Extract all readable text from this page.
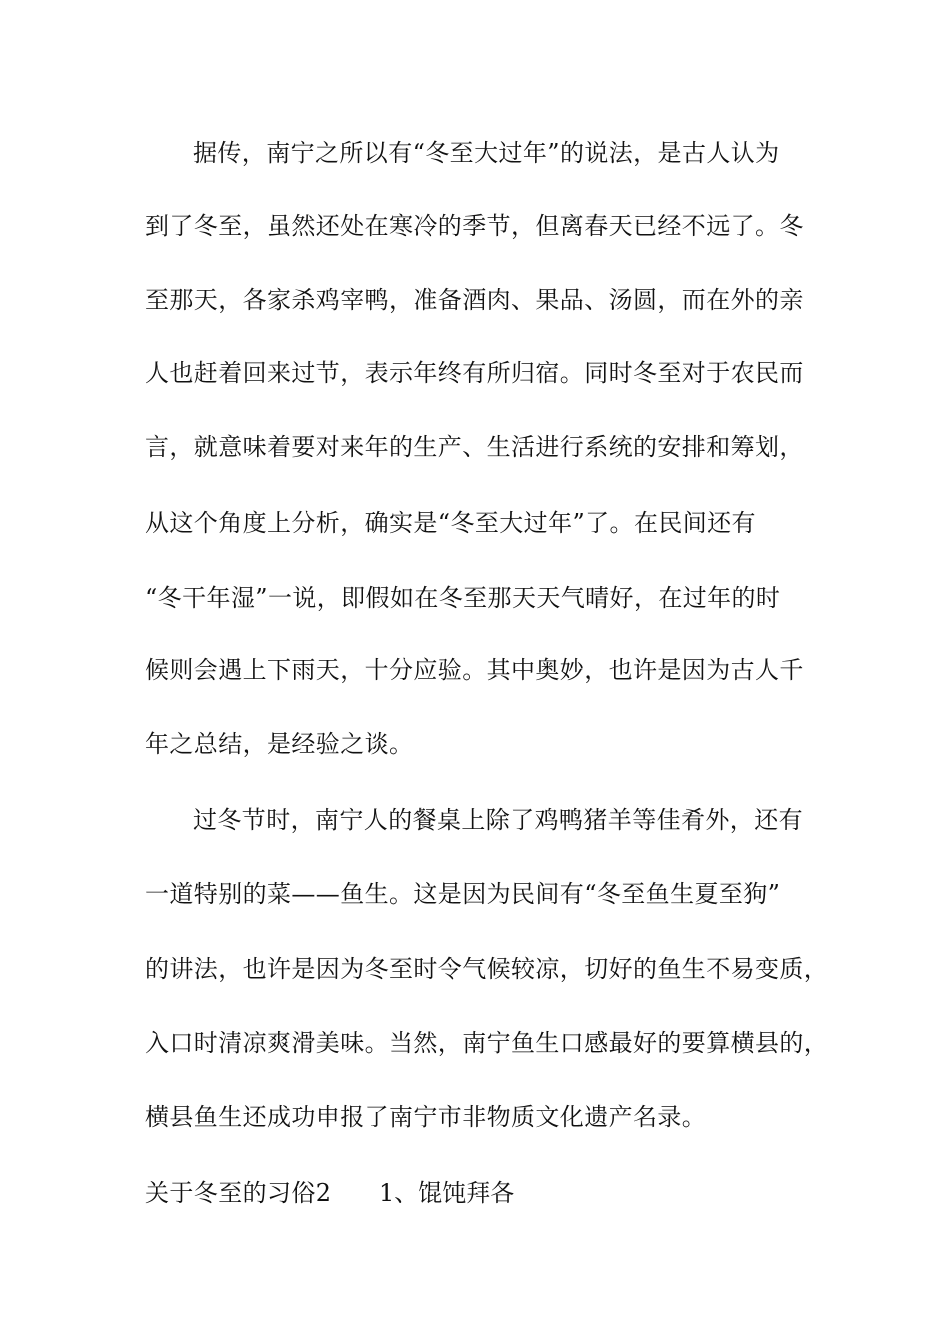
据传，南宁之所以有“冬至大过年”的说法，是古人认为
到了冬至，虽然还处在寒冷的季节，但离春天已经不远了。冬
至那天，各家杀鸡宰鸭，准备酒肉、果品、汤圆，而在外的亲
人也赶着回来过节，表示年终有所归宿。同时冬至对于农民而
言，就意味着要对来年的生产、生活进行系统的安排和筹划，
从这个角度上分析，确实是“冬至大过年”了。在民间还有
“冬干年湿”一说，即假如在冬至那天天气晴好，在过年的时
候则会遇上下雨天，十分应验。其中奥妙，也许是因为古人千
年之总结，是经验之谈。
过冬节时，南宁人的餐桌上除了鸡鸭猪羊等佳肴外，还有
一道特别的菜——鱼生。这是因为民间有“冬至鱼生夏至狗”
的讲法，也许是因为冬至时令气候较凉，切好的鱼生不易变质，
入口时清凉爽滑美味。当然，南宁鱼生口感最好的要算横县的，
横县鱼生还成功申报了南宁市非物质文化遗产名录。
关于冬至的习俗2 1、馄饨拜各
